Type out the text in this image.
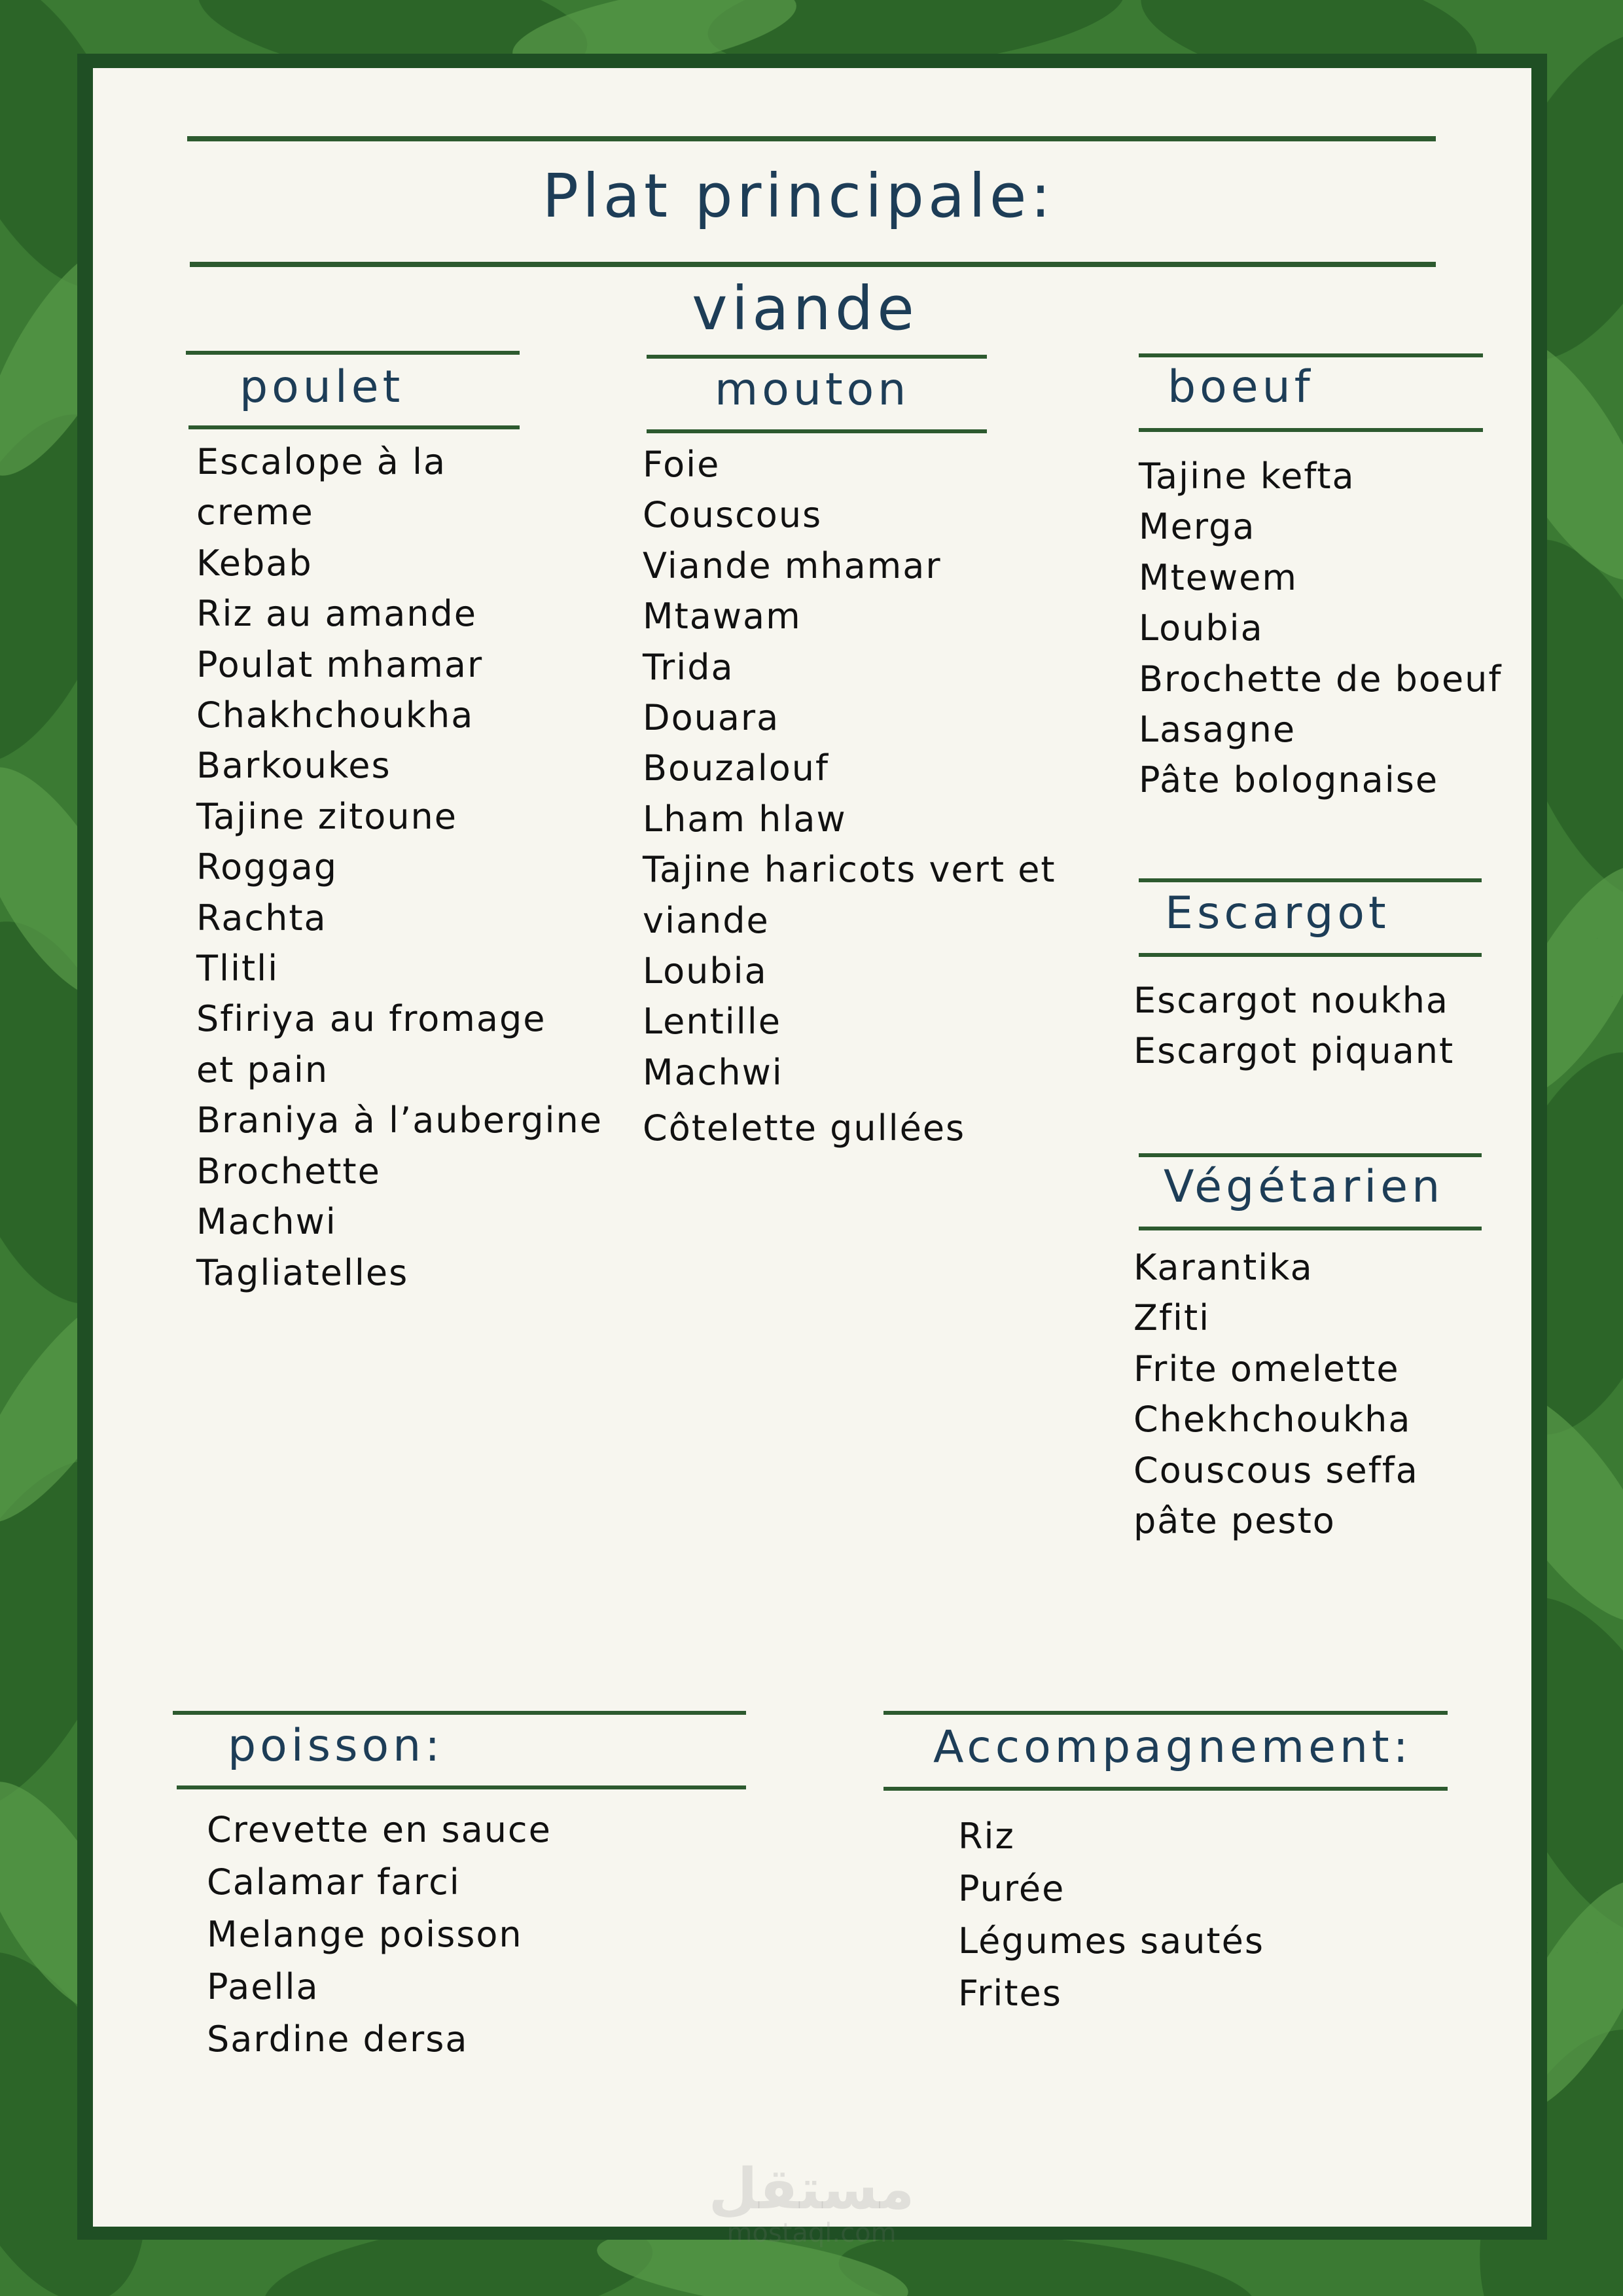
Plat principale:
viande
poulet
Escalope à la
creme
Kebab
Riz au amande
Poulat mhamar
Chakhchoukha
Barkoukes
Tajine zitoune
Roggag
Rachta
Tlitli
Sfiriya au fromage
et pain
Braniya à l’aubergine
Brochette
Machwi
Tagliatelles
mouton
Foie
Couscous
Viande mhamar
Mtawam
Trida
Douara
Bouzalouf
Lham hlaw
Tajine haricots vert et
viande
Loubia
Lentille
Machwi
Côtelette gullées
boeuf
Tajine kefta
Merga
Mtewem
Loubia
Brochette de boeuf
Lasagne
Pâte bolognaise
Escargot
Escargot noukha
Escargot piquant
Végétarien
Karantika
Zfiti
Frite omelette
Chekhchoukha
Couscous seffa
pâte pesto
poisson:
Crevette en sauce
Calamar farci
Melange poisson
Paella
Sardine dersa
Accompagnement:
Riz
Purée
Légumes sautés
Frites
مستقل
mostaql.com
